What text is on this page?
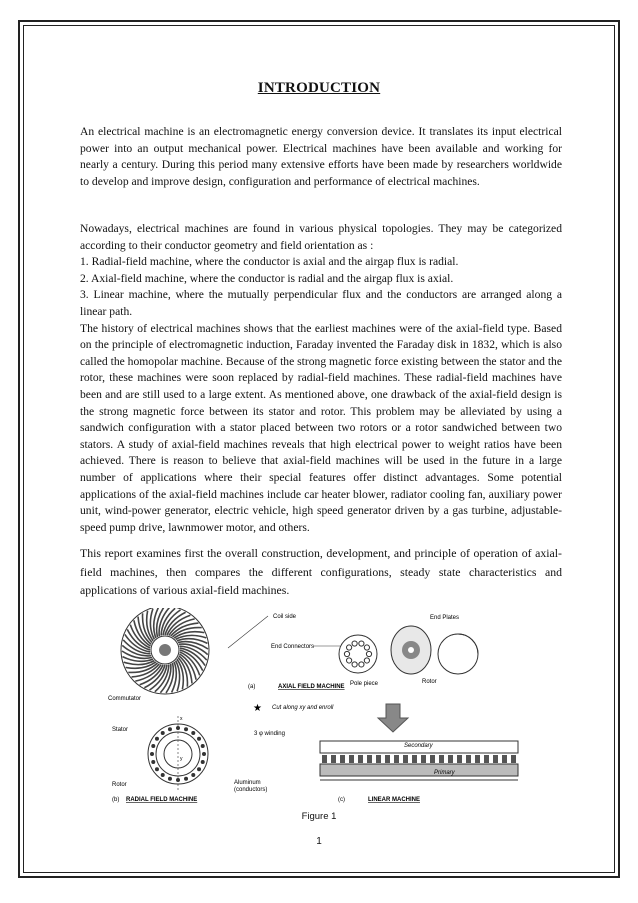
INTRODUCTION

An electrical machine is an electromagnetic energy conversion device. It translates its input electrical power into an output mechanical power. Electrical machines have been available and working for nearly a century. During this period many extensive efforts have been made by researchers worldwide to develop and improve design, configuration and performance of electrical machines.

Nowadays, electrical machines are found in various physical topologies. They may be categorized according to their conductor geometry and field orientation as :

1. Radial-field machine, where the conductor is axial and the airgap flux is radial.

2. Axial-field machine, where the conductor is radial and the airgap flux is axial.

3. Linear machine, where the mutually perpendicular flux and the conductors are arranged along a linear path.

The history of electrical machines shows that the earliest machines were of the axial-field type. Based on the principle of electromagnetic induction, Faraday invented the Faraday disk in 1832, which is also called the homopolar machine. Because of the strong magnetic force existing between the stator and the rotor, these machines were soon replaced by radial-field machines. These radial-field machines have been and are still used to a large extent. As mentioned above, one drawback of the axial-field design is the strong magnetic force between its stator and rotor. This problem may be alleviated by using a sandwich configuration with a stator placed between two rotors or a rotor sandwiched between two stators. A study of axial-field machines reveals that high electrical power to weight ratios have been achieved. There is reason to believe that axial-field machines will be used in the future in a large number of applications where their special features offer distinct advantages. Some potential applications of the axial-field machines include car heater blower, radiator cooling fan, auxiliary power unit, wind-power generator, electric vehicle, high speed generator driven by a gas turbine, adjustable-speed pump drive, lawnmower motor, and others.

This report examines first the overall construction, development, and principle of operation of axial-field machines, then compares the different configurations, steady state characteristics and applications of various axial-field machines.

Coil side	End Plates
End Connectors
Pole piece	Rotor
Commutator
(a)	AXIAL FIELD MACHINE
★ Cut along xy and enroll
x
y
Stator
3 φ winding
Rotor	Aluminum
(conductors)
(b) RADIAL FIELD MACHINE
Secondary
Primary
(c)	LINEAR MACHINE
Figure 1
1
